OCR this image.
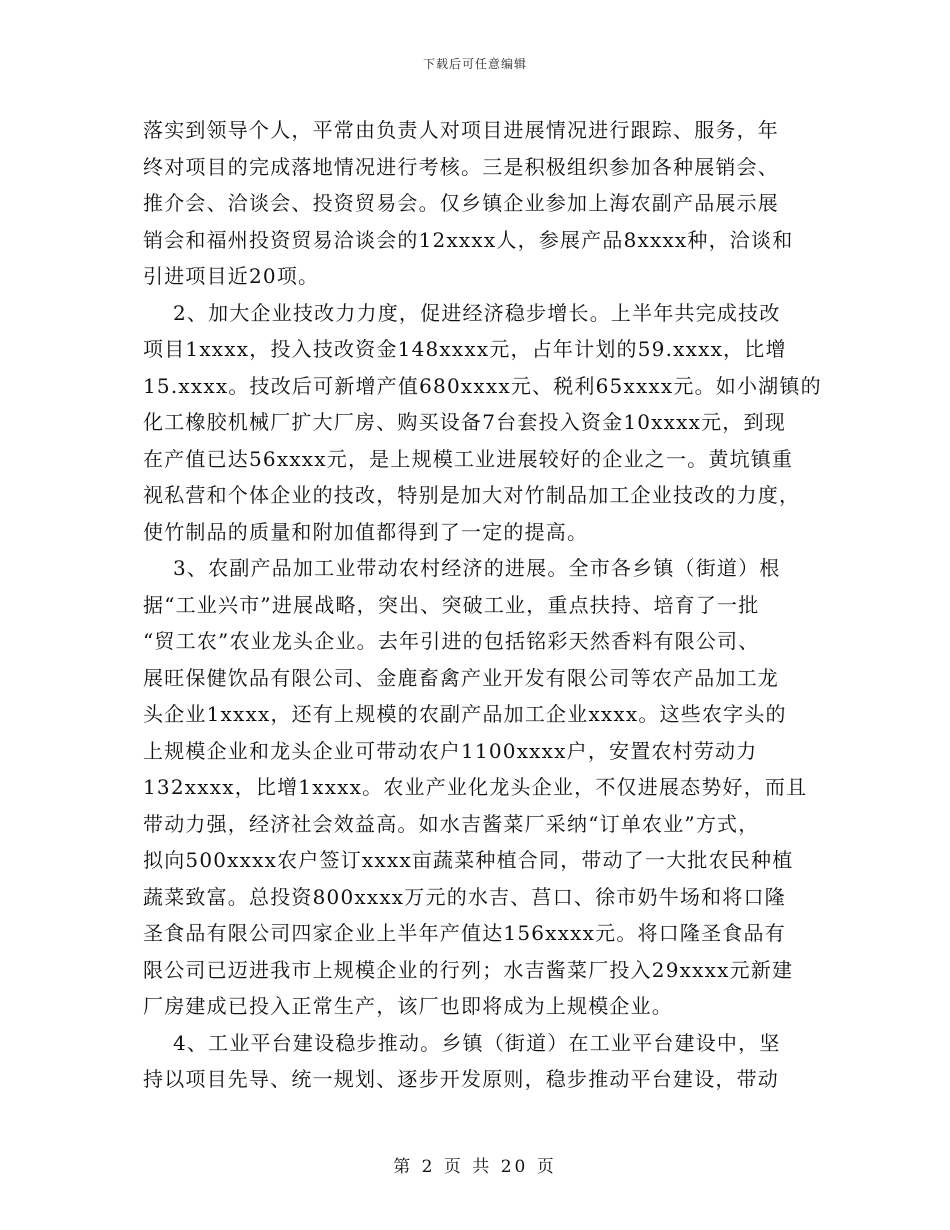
下载后可任意编辑
落实到领导个人，平常由负责人对项目进展情况进行跟踪、服务，年
终对项目的完成落地情况进行考核。三是积极组织参加各种展销会、
推介会、洽谈会、投资贸易会。仅乡镇企业参加上海农副产品展示展
销会和福州投资贸易洽谈会的12xxxx人，参展产品8xxxx种，洽谈和
引进项目近20项。
2、加大企业技改力力度，促进经济稳步增长。上半年共完成技改
项目1xxxx，投入技改资金148xxxx元，占年计划的59.xxxx，比增
15.xxxx。技改后可新增产值680xxxx元、税利65xxxx元。如小湖镇的
化工橡胶机械厂扩大厂房、购买设备7台套投入资金10xxxx元，到现
在产值已达56xxxx元，是上规模工业进展较好的企业之一。黄坑镇重
视私营和个体企业的技改，特别是加大对竹制品加工企业技改的力度，
使竹制品的质量和附加值都得到了一定的提高。
3、农副产品加工业带动农村经济的进展。全市各乡镇（街道）根
据“工业兴市”进展战略，突出、突破工业，重点扶持、培育了一批
“贸工农”农业龙头企业。去年引进的包括铭彩天然香料有限公司、
展旺保健饮品有限公司、金鹿畜禽产业开发有限公司等农产品加工龙
头企业1xxxx，还有上规模的农副产品加工企业xxxx。这些农字头的
上规模企业和龙头企业可带动农户1100xxxx户，安置农村劳动力
132xxxx，比增1xxxx。农业产业化龙头企业，不仅进展态势好，而且
带动力强，经济社会效益高。如水吉酱菜厂采纳“订单农业”方式，
拟向500xxxx农户签订xxxx亩蔬菜种植合同，带动了一大批农民种植
蔬菜致富。总投资800xxxx万元的水吉、莒口、徐市奶牛场和将口隆
圣食品有限公司四家企业上半年产值达156xxxx元。将口隆圣食品有
限公司已迈进我市上规模企业的行列；水吉酱菜厂投入29xxxx元新建
厂房建成已投入正常生产，该厂也即将成为上规模企业。
4、工业平台建设稳步推动。乡镇（街道）在工业平台建设中，坚
持以项目先导、统一规划、逐步开发原则，稳步推动平台建设，带动
第 2 页 共 20 页
